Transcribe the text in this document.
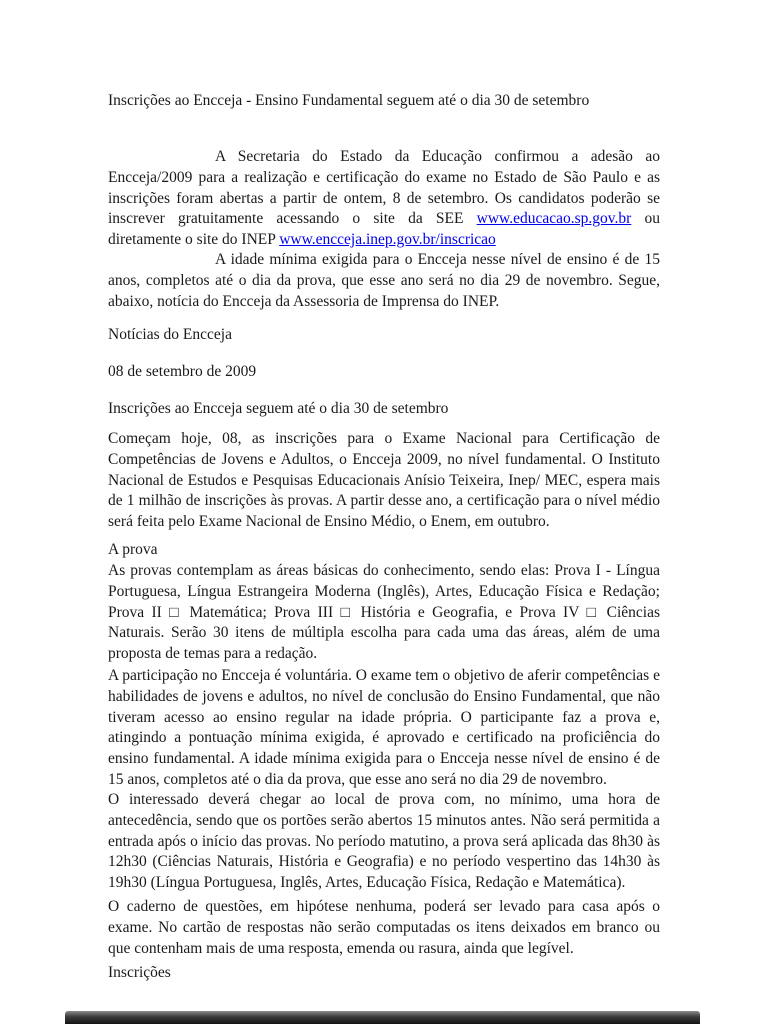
Inscrições ao Encceja - Ensino Fundamental seguem até o dia 30 de setembro
A Secretaria do Estado da Educação confirmou a adesão ao Encceja/2009 para a realização e certificação do exame no Estado de São Paulo e as inscrições foram abertas a partir de ontem, 8 de setembro. Os candidatos poderão se inscrever gratuitamente acessando o site da SEE www.educacao.sp.gov.br ou diretamente o site do INEP www.encceja.inep.gov.br/inscricao
A idade mínima exigida para o Encceja nesse nível de ensino é de 15 anos, completos até o dia da prova, que esse ano será no dia 29 de novembro. Segue, abaixo, notícia do Encceja da Assessoria de Imprensa do INEP.
Notícias do Encceja
08 de setembro de 2009
Inscrições ao Encceja seguem até o dia 30 de setembro
Começam hoje, 08, as inscrições para o Exame Nacional para Certificação de Competências de Jovens e Adultos, o Encceja 2009, no nível fundamental. O Instituto Nacional de Estudos e Pesquisas Educacionais Anísio Teixeira, Inep/ MEC, espera mais de 1 milhão de inscrições às provas. A partir desse ano, a certificação para o nível médio será feita pelo Exame Nacional de Ensino Médio, o Enem, em outubro.
A prova
As provas contemplam as áreas básicas do conhecimento, sendo elas: Prova I - Língua Portuguesa, Língua Estrangeira Moderna (Inglês), Artes, Educação Física e Redação; Prova II □ Matemática; Prova III □ História e Geografia, e Prova IV □ Ciências Naturais. Serão 30 itens de múltipla escolha para cada uma das áreas, além de uma proposta de temas para a redação.
A participação no Encceja é voluntária. O exame tem o objetivo de aferir competências e habilidades de jovens e adultos, no nível de conclusão do Ensino Fundamental, que não tiveram acesso ao ensino regular na idade própria. O participante faz a prova e, atingindo a pontuação mínima exigida, é aprovado e certificado na proficiência do ensino fundamental. A idade mínima exigida para o Encceja nesse nível de ensino é de 15 anos, completos até o dia da prova, que esse ano será no dia 29 de novembro.
O interessado deverá chegar ao local de prova com, no mínimo, uma hora de antecedência, sendo que os portões serão abertos 15 minutos antes. Não será permitida a entrada após o início das provas. No período matutino, a prova será aplicada das 8h30 às 12h30 (Ciências Naturais, História e Geografia) e no período vespertino das 14h30 às 19h30 (Língua Portuguesa, Inglês, Artes, Educação Física, Redação e Matemática).
O caderno de questões, em hipótese nenhuma, poderá ser levado para casa após o exame. No cartão de respostas não serão computadas os itens deixados em branco ou que contenham mais de uma resposta, emenda ou rasura, ainda que legível.
Inscrições
